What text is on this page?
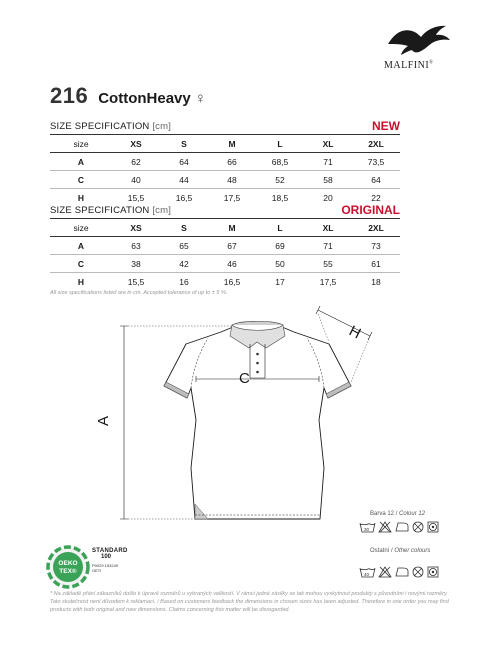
MALFINI®
216 CottonHeavy ♀
SIZE SPECIFICATION [cm]	NEW
size	XS	S	M	L	XL	2XL
A	62	64	66	68,5	71	73,5
C	40	44	48	52	58	64
H	15,5	16,5	17,5	18,5	20	22
SIZE SPECIFICATION [cm]	ORIGINAL
size	XS	S	M	L	XL	2XL
A	63	65	67	69	71	73
C	38	42	46	50	55	61
H	15,5	16	16,5	17	17,5	18
All size specifications listed are in cm. Accepted tolerance of up to ± 5 %.
C
A
H
Barva 12 / Colour 12
30
Ostatní / Other colours
40
OEKO
TEX®
STANDARD
100
P0029 153249
OETI
* Na základě přání zákazníků došlo k úpravě rozměrů u vybraných velikostí. V rámci jedné zásilky se tak mohou vyskytnout produkty s původními i novými rozměry. Tato skutečnost není důvodem k reklamaci. / Based on customers feedback the dimensions in chosen sizes has been adjusted. Therefore in one order you may find products with both original and new dimensions. Claims concerning this matter will be disregarded.
